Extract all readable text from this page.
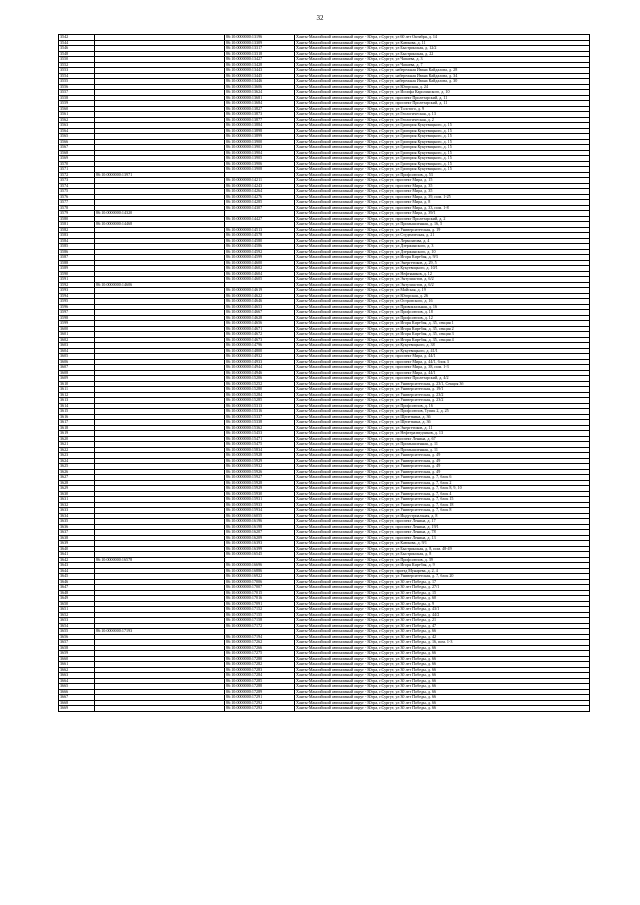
32
3542		86:10:0000000:13196	Ханты-Мансийский автономный округ - Югра, г.Сургут, ул 60 лет Октября, д. 14
3544		86:10:0000000:13309	Ханты-Мансийский автономный округ - Югра, г.Сургут, ул Каюкова, д. 11
3546		86:10:0000000:13317	Ханты-Мансийский автономный округ - Югра, г.Сургут, ул Быстринская, д. 12/2
3548		86:10:0000000:13318	Ханты-Мансийский автономный округ - Югра, г.Сургут, ул Быстринская, д. 22
3550		86:10:0000000:13427	Ханты-Мансийский автономный округ - Югра, г.Сургут, ул Чапаева, д. 3
3552		86:10:0000000:13428	Ханты-Мансийский автономный округ - Югра, г.Сургут, ул Чапаева, д. 7
3553		86:10:0000000:13443	Ханты-Мансийский автономный округ - Югра, г.Сургут, набережная Ивана Кайдалова, д. 28
3554		86:10:0000000:13445	Ханты-Мансийский автономный округ - Югра, г.Сургут, набережная Ивана Кайдалова, д. 34
3555		86:10:0000000:13446	Ханты-Мансийский автономный округ - Югра, г.Сургут, набережная Ивана Кайдалова, д. 30
3556		86:10:0000000:13606	Ханты-Мансийский автономный округ - Югра, г.Сургут, ул Югорская, д. 24
3557		86:10:0000000:13624	Ханты-Мансийский автономный округ - Югра, г.Сургут, ул Иосифа Каролинского, д. 10
3558		86:10:0000000:13681	Ханты-Мансийский автономный округ - Югра, г.Сургут, проспект Пролетарский, д. 11
3559		86:10:0000000:13684	Ханты-Мансийский автономный округ - Югра, г.Сургут, проспект Пролетарский, д. 11
3560		86:10:0000000:13827	Ханты-Мансийский автономный округ - Югра, г.Сургут, ул Толстого, д. 9
3561		86:10:0000000:13873	Ханты-Мансийский автономный округ - Югра, г.Сургут, ул Геологическая, д. 13
3562		86:10:0000000:13877	Ханты-Мансийский автономный округ - Югра, г.Сургут, ул Геологическая, д. 2
3563		86:10:0000000:13884	Ханты-Мансийский автономный округ - Югра, г.Сургут, ул Григория Кукуевицкого, д. 15
3564		86:10:0000000:13898	Ханты-Мансийский автономный округ - Югра, г.Сургут, ул Григория Кукуевицкого, д. 15
3565		86:10:0000000:13899	Ханты-Мансийский автономный округ - Югра, г.Сургут, ул Григория Кукуевицкого, д. 15
3566		86:10:0000000:13900	Ханты-Мансийский автономный округ - Югра, г.Сургут, ул Григория Кукуевицкого, д. 15
3567		86:10:0000000:13903	Ханты-Мансийский автономный округ - Югра, г.Сургут, ул Григория Кукуевицкого, д. 15
3568		86:10:0000000:13904	Ханты-Мансийский автономный округ - Югра, г.Сургут, ул Григория Кукуевицкого, д. 15
3569		86:10:0000000:13905	Ханты-Мансийский автономный округ - Югра, г.Сургут, ул Григория Кукуевицкого, д. 15
3570		86:10:0000000:13906	Ханты-Мансийский автономный округ - Югра, г.Сургут, ул Григория Кукуевицкого, д. 15
3571		86:10:0000000:13908	Ханты-Мансийский автономный округ - Югра, г.Сургут, ул Григория Кукуевицкого, д. 15
3572	86:10:0000000:13971		Ханты-Мансийский автономный округ - Югра, г.Сургут, ул Профсоюзов, д. 53
3573		86:10:0000000:14211	Ханты-Мансийский автономный округ - Югра, г.Сургут, проспект Мира, д. 15
3574		86:10:0000000:14243	Ханты-Мансийский автономный округ - Югра, г.Сургут, проспект Мира, д. 35
3575		86:10:0000000:14264	Ханты-Мансийский автономный округ - Югра, г.Сургут, проспект Мира, д. 35
3576		86:10:0000000:14276	Ханты-Мансийский автономный округ - Югра, г.Сургут, проспект Мира, д. 39, пом. 1-25
3577		86:10:0000000:14285	Ханты-Мансийский автономный округ - Югра, г.Сургут, проспект Мира, д. 8
3578		86:10:0000000:14307	Ханты-Мансийский автономный округ - Югра, г.Сургут, проспект Мира, д. 33, пом. 1-8
3579	86:10:0000000:14320		Ханты-Мансийский автономный округ - Югра, г.Сургут, проспект Мира, д. 39/1
3580		86:10:0000000:14427	Ханты-Мансийский автономный округ - Югра, г.Сургут, проспект Пролетарский, д. 2
3581	86:10:0000000:14468		Ханты-Мансийский автономный округ - Югра, г.Сургут, ул Промышленная, д. 16, 5
3582		86:10:0000000:14513	Ханты-Мансийский автономный округ - Югра, г.Сургут, ул Университетская, д. 19
3583		86:10:0000000:14578	Ханты-Мансийский автономный округ - Югра, г.Сургут, ул Студенческая, д. 21
3584		86:10:0000000:14580	Ханты-Мансийский автономный округ - Югра, г.Сургут, ул Лермонтова, д. 4
3585		86:10:0000000:14586	Ханты-Мансийский автономный округ - Югра, г.Сургут, ул Дзержинского, д. 3
3586		86:10:0000000:14592	Ханты-Мансийский автономный округ - Югра, г.Сургут, ул Дзержинского, д. 10
3587		86:10:0000000:14599	Ханты-Мансийский автономный округ - Югра, г.Сургут, ул Игоря Киртбая, д. 9/3
3588		86:10:0000000:14600	Ханты-Мансийский автономный округ - Югра, г.Сургут, ул Энергетиков, д. 29, 5
3589		86:10:0000000:14602	Ханты-Мансийский автономный округ - Югра, г.Сургут, ул Кукуевицкого, д. 10/1
3590		86:10:0000000:14604	Ханты-Мансийский автономный округ - Югра, г.Сургут, ул Нефтяников, д. 12
3591		86:10:0000000:14605	Ханты-Мансийский автономный округ - Югра, г.Сургут, ул Энтузиастов, д. 6/2
3592	86:10:0000000:14606		Ханты-Мансийский автономный округ - Югра, г.Сургут, ул Энтузиастов, д. 6/2
3593		86:10:0000000:14619	Ханты-Мансийский автономный округ - Югра, г.Сургут, ул Майская, д. 19
3594		86:10:0000000:14622	Ханты-Мансийский автономный округ - Югра, г.Сургут, ул Югорская, д. 26
3595		86:10:0000000:14646	Ханты-Мансийский автономный округ - Югра, г.Сургут, ул Островского, д. 16
3596		86:10:0000000:14653	Ханты-Мансийский автономный округ - Югра, г.Сургут, ул Привокзальная, д. 16
3597		86:10:0000000:14667	Ханты-Мансийский автономный округ - Югра, г.Сургут, ул Профсоюзов, д. 18
3598		86:10:0000000:14628	Ханты-Мансийский автономный округ - Югра, г.Сургут, ул Профсоюзов, д. 12
3599		86:10:0000000:14656	Ханты-Мансийский автономный округ - Югра, г.Сургут, ул Игоря Киртбая, д. 35, секция 1
3600		86:10:0000000:14671	Ханты-Мансийский автономный округ - Югра, г.Сургут, ул Игоря Киртбая, д. 35, секция 2
3601		86:10:0000000:14672	Ханты-Мансийский автономный округ - Югра, г.Сургут, ул Игоря Киртбая, д. 35, секция 3
3602		86:10:0000000:14673	Ханты-Мансийский автономный округ - Югра, г.Сургут, ул Игоря Киртбая, д. 35, секция 4
3603		86:10:0000000:14796	Ханты-Мансийский автономный округ - Югра, г.Сургут, ул Кукуевицкого, д. 38
3604		86:10:0000000:14800	Ханты-Мансийский автономный округ - Югра, г.Сургут, ул Кукуевицкого, д. 41/1
3605		86:10:0000000:14932	Ханты-Мансийский автономный округ - Югра, г.Сургут, проспект Мира, д. 44/1
3606		86:10:0000000:14933	Ханты-Мансийский автономный округ - Югра, г.Сургут, проспект Мира, д. 44/1, блок 3
3607		86:10:0000000:14944	Ханты-Мансийский автономный округ - Югра, г.Сургут, проспект Мира, д. 38, пом. 1-3
3608		86:10:0000000:14946	Ханты-Мансийский автономный округ - Югра, г.Сургут, проспект Мира, д. 44/1
3609		86:10:0000000:15206	Ханты-Мансийский автономный округ - Югра, г.Сургут, проспект Пролетарский, д. 4/2
3610		86:10:0000000:15252	Ханты-Мансийский автономный округ - Югра, г.Сургут, ул Университетская, д. 23/1, Секция 3б
3611		86:10:0000000:15280	Ханты-Мансийский автономный округ - Югра, г.Сургут, ул Университетская, д. 19/1
3612		86:10:0000000:15284	Ханты-Мансийский автономный округ - Югра, г.Сургут, ул Университетская, д. 23/2
3613		86:10:0000000:15285	Ханты-Мансийский автономный округ - Югра, г.Сургут, ул Университетская, д. 23/2
3614		86:10:0000000:15313	Ханты-Мансийский автономный округ - Югра, г.Сургут, ул Профсоюзов, д. 16
3615		86:10:0000000:15316	Ханты-Мансийский автономный округ - Югра, г.Сургут, ул Профсоюзов, Тупик 2, д. 25
3616		86:10:0000000:15337	Ханты-Мансийский автономный округ - Югра, г.Сургут, ул Щепеткина, д. 36
3617		86:10:0000000:15338	Ханты-Мансийский автономный округ - Югра, г.Сургут, ул Щепеткина, д. 36
3618		86:10:0000000:15362	Ханты-Мансийский автономный округ - Югра, г.Сургут, ул Энергетиков, д. 11
3619		86:10:0000000:15453	Ханты-Мансийский автономный округ - Югра, г.Сургут, ул Нефтеразведчиков, д. 13
3620		86:10:0000000:15471	Ханты-Мансийский автономный округ - Югра, г.Сургут, проспект Ленина, д. 67
3621		86:10:0000000:15475	Ханты-Мансийский автономный округ - Югра, г.Сургут, ул Промышленная, д. 11
3622		86:10:0000000:15834	Ханты-Мансийский автономный округ - Югра, г.Сургут, ул Промышленная, д. 11
3623		86:10:0000000:15928	Ханты-Мансийский автономный округ - Югра, г.Сургут, ул Университетская, д. 49
3624		86:10:0000000:15929	Ханты-Мансийский автономный округ - Югра, г.Сургут, ул Университетская, д. 49
3625		86:10:0000000:15932	Ханты-Мансийский автономный округ - Югра, г.Сургут, ул Университетская, д. 49
3626		86:10:0000000:15926	Ханты-Мансийский автономный округ - Югра, г.Сургут, ул Университетская, д. 49
3627		86:10:0000000:15927	Ханты-Мансийский автономный округ - Югра, г.Сургут, ул Университетская, д. 7, блок 6
3628		86:10:0000000:15928	Ханты-Мансийский автономный округ - Югра, г.Сургут, ул Университетская, д. 7, блок 2
3629		86:10:0000000:15929	Ханты-Мансийский автономный округ - Югра, г.Сургут, ул Университетская, д. 7, блок 8, 9, 10
3630		86:10:0000000:15930	Ханты-Мансийский автономный округ - Югра, г.Сургут, ул Университетская, д. 7, блок 4
3631		86:10:0000000:15931	Ханты-Мансийский автономный округ - Югра, г.Сургут, ул Университетская, д. 7, блок 15
3632		86:10:0000000:15933	Ханты-Мансийский автономный округ - Югра, г.Сургут, ул Университетская, д. 7, блок 18
3633		86:10:0000000:15934	Ханты-Мансийский автономный округ - Югра, г.Сургут, ул Университетская, д. 7, блок 8
3634		86:10:0000000:16055	Ханты-Мансийский автономный округ - Югра, г.Сургут, ул Индустриальная, д. 8
3635		86:10:0000000:16196	Ханты-Мансийский автономный округ - Югра, г.Сургут, проспект Ленина, д. 17
3636		86:10:0000000:16198	Ханты-Мансийский автономный округ - Югра, г.Сургут, проспект Ленина, д. 19/1
3637		86:10:0000000:16207	Ханты-Мансийский автономный округ - Югра, г.Сургут, проспект Ленина, д. 78
3638		86:10:0000000:16209	Ханты-Мансийский автономный округ - Югра, г.Сургут, проспект Ленина, д. 13
3639		86:10:0000000:16393	Ханты-Мансийский автономный округ - Югра, г.Сургут, ул Каюкова, д. 9/1
3640		86:10:0000000:16399	Ханты-Мансийский автономный округ - Югра, г.Сургут, ул Быстринская, д. 8, пом. 48-49
3641		86:10:0000000:16545	Ханты-Мансийский автономный округ - Югра, г.Сургут, ул Быстринская, д. 8
3642	86:10:0000000:16578		Ханты-Мансийский автономный округ - Югра, г.Сургут, ул Профсоюзов, д. 39
3643		86:10:0000000:16696	Ханты-Мансийский автономный округ - Югра, г.Сургут, ул Игоря Киртбая, д. 9
3644		86:10:0000000:16886	Ханты-Мансийский автономный округ - Югра, г.Сургут, проезд Мунарева, д. 2, 4
3645		86:10:0000000:16922	Ханты-Мансийский автономный округ - Югра, г.Сургут, ул Университетская, д. 7, блок 20
3646		86:10:0000000:17006	Ханты-Мансийский автономный округ - Югра, г.Сургут, ул 30 лет Победы, д. 17
3647		86:10:0000000:17007	Ханты-Мансийский автономный округ - Югра, г.Сургут, ул 30 лет Победы, д. 27/1
3648		86:10:0000000:17015	Ханты-Мансийский автономный округ - Югра, г.Сургут, ул 30 лет Победы, д. 15
3649		86:10:0000000:17016	Ханты-Мансийский автономный округ - Югра, г.Сургут, ул 30 лет Победы, д. 60
3650		86:10:0000000:17091	Ханты-Мансийский автономный округ - Югра, г.Сургут, ул 30 лет Победы, д. 9
3651		86:10:0000000:17152	Ханты-Мансийский автономный округ - Югра, г.Сургут, ул 30 лет Победы, д. 43/1
3652		86:10:0000000:17155	Ханты-Мансийский автономный округ - Югра, г.Сургут, ул 30 лет Победы, д. 44/2
3653		86:10:0000000:17158	Ханты-Мансийский автономный округ - Югра, г.Сургут, ул 30 лет Победы, д. 21
3654		86:10:0000000:17172	Ханты-Мансийский автономный округ - Югра, г.Сургут, ул 30 лет Победы, д. 47
3655	86:10:0000000:17193		Ханты-Мансийский автономный округ - Югра, г.Сургут, ул 30 лет Победы, д. 66
3656		86:10:0000000:17194	Ханты-Мансийский автономный округ - Югра, г.Сургут, ул 30 лет Победы, д. 42
3657		86:10:0000000:17262	Ханты-Мансийский автономный округ - Югра, г.Сургут, ул 30 лет Победы, д. 16, пом. 1-3
3658		86:10:0000000:17266	Ханты-Мансийский автономный округ - Югра, г.Сургут, ул 30 лет Победы, д. 66
3659		86:10:0000000:17275	Ханты-Мансийский автономный округ - Югра, г.Сургут, ул 30 лет Победы, д. 66
3660		86:10:0000000:17280	Ханты-Мансийский автономный округ - Югра, г.Сургут, ул 30 лет Победы, д. 66
3661		86:10:0000000:17282	Ханты-Мансийский автономный округ - Югра, г.Сургут, ул 30 лет Победы, д. 66
3662		86:10:0000000:17283	Ханты-Мансийский автономный округ - Югра, г.Сургут, ул 30 лет Победы, д. 66
3663		86:10:0000000:17284	Ханты-Мансийский автономный округ - Югра, г.Сургут, ул 30 лет Победы, д. 66
3664		86:10:0000000:17285	Ханты-Мансийский автономный округ - Югра, г.Сургут, ул 30 лет Победы, д. 66
3665		86:10:0000000:17288	Ханты-Мансийский автономный округ - Югра, г.Сургут, ул 30 лет Победы, д. 66
3666		86:10:0000000:17289	Ханты-Мансийский автономный округ - Югра, г.Сургут, ул 30 лет Победы, д. 66
3667		86:10:0000000:17291	Ханты-Мансийский автономный округ - Югра, г.Сургут, ул 30 лет Победы, д. 66
3668		86:10:0000000:17292	Ханты-Мансийский автономный округ - Югра, г.Сургут, ул 30 лет Победы, д. 66
3669		86:10:0000000:17293	Ханты-Мансийский автономный округ - Югра, г.Сургут, ул 30 лет Победы, д. 66
